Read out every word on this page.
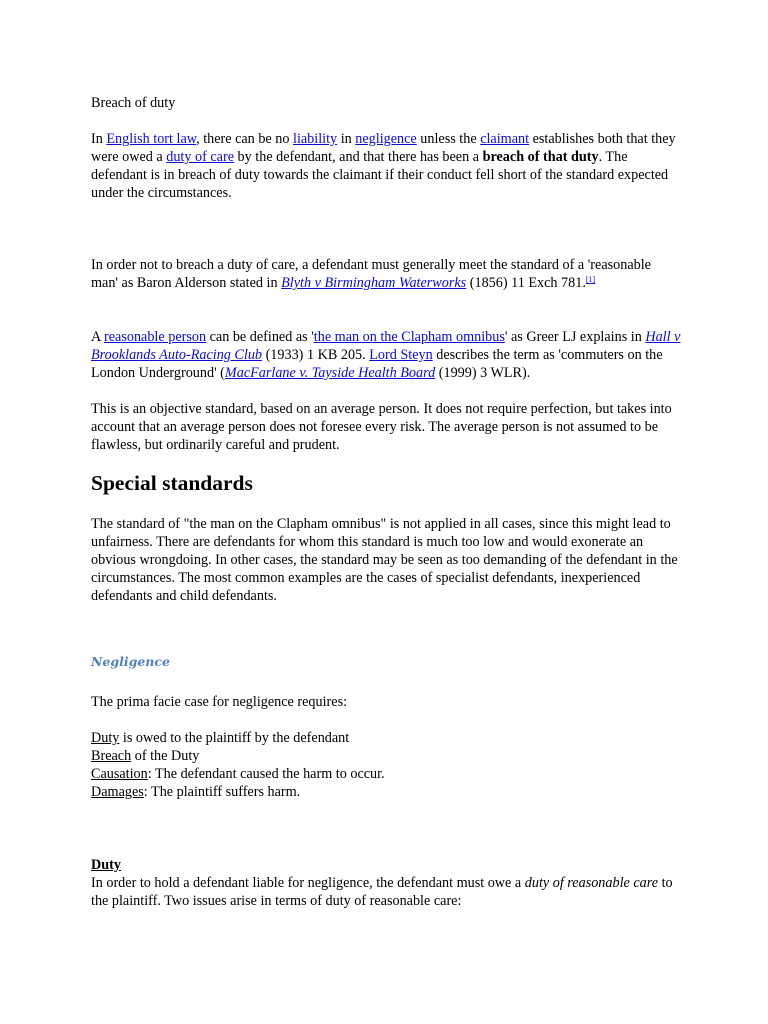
Breach of duty

In English tort law, there can be no liability in negligence unless the claimant establishes both that they were owed a duty of care by the defendant, and that there has been a breach of that duty. The defendant is in breach of duty towards the claimant if their conduct fell short of the standard expected under the circumstances.

In order not to breach a duty of care, a defendant must generally meet the standard of a 'reasonable man' as Baron Alderson stated in Blyth v Birmingham Waterworks (1856) 11 Exch 781.[1]

A reasonable person can be defined as 'the man on the Clapham omnibus' as Greer LJ explains in Hall v Brooklands Auto-Racing Club (1933) 1 KB 205. Lord Steyn describes the term as 'commuters on the London Underground' (MacFarlane v. Tayside Health Board (1999) 3 WLR).

This is an objective standard, based on an average person. It does not require perfection, but takes into account that an average person does not foresee every risk. The average person is not assumed to be flawless, but ordinarily careful and prudent.

Special standards

The standard of "the man on the Clapham omnibus" is not applied in all cases, since this might lead to unfairness. There are defendants for whom this standard is much too low and would exonerate an obvious wrongdoing. In other cases, the standard may be seen as too demanding of the defendant in the circumstances. The most common examples are the cases of specialist defendants, inexperienced defendants and child defendants.

Negligence

The prima facie case for negligence requires:

Duty is owed to the plaintiff by the defendant
Breach of the Duty
Causation: The defendant caused the harm to occur.
Damages: The plaintiff suffers harm.
Duty

In order to hold a defendant liable for negligence, the defendant must owe a duty of reasonable care to the plaintiff. Two issues arise in terms of duty of reasonable care:
